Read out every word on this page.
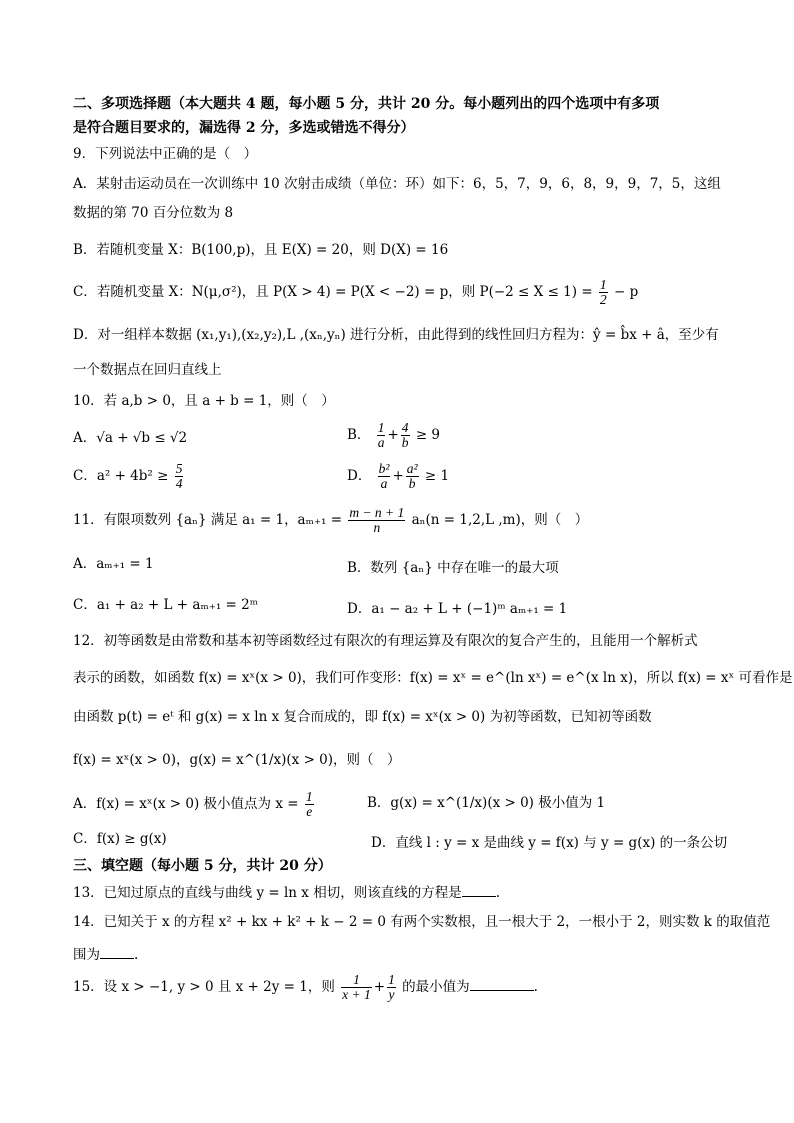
二、多项选择题（本大题共 4 题，每小题 5 分，共计 20 分。每小题列出的四个选项中有多项
是符合题目要求的，漏选得 2 分，多选或错选不得分）
9．下列说法中正确的是（　）
A．某射击运动员在一次训练中 10 次射击成绩（单位：环）如下：6，5，7，9，6，8，9，9，7，5，这组
数据的第 70 百分位数为 8
B．若随机变量 X：B(100,p)，且 E(X) = 20，则 D(X) = 16
C．若随机变量 X：N(μ,σ²)，且 P(X > 4) = P(X < −2) = p，则 $P(-2 \le X \le 1) = \frac{1}{2} - p$
D．对一组样本数据 (x₁,y₁),(x₂,y₂),L ,(xₙ,yₙ) 进行分析，由此得到的线性回归方程为：ŷ = b̂x + â，至少有
一个数据点在回归直线上
10．若 a,b > 0，且 a + b = 1，则（　）
A．√a + √b ≤ √2	B． $\frac{1}{a} + \frac{4}{b} \ge 9$
C．$a^2 + 4b^2 \ge \frac{5}{4}$	D． $\frac{\text{b²}}{a} + \frac{\text{a²}}{b} \ge 1$
11．有限项数列 {aₙ} 满足 a₁ = 1，$a_{m+1} = \frac{m - n + 1}{n} a_n(n = 1,2,L$ ,m)，则（　）
A．aₘ₊₁ = 1	B．数列 {aₙ} 中存在唯一的最大项
C．a₁ + a₂ + L + aₘ₊₁ = 2ᵐ	D．a₁ − a₂ + L + (−1)ᵐ aₘ₊₁ = 1
12．初等函数是由常数和基本初等函数经过有限次的有理运算及有限次的复合产生的，且能用一个解析式
表示的函数，如函数 f(x) = xˣ(x > 0)，我们可作变形：f(x) = xˣ = e^(ln xˣ) = e^(x ln x)，所以 f(x) = xˣ 可看作是
由函数 p(t) = eᵗ 和 g(x) = x ln x 复合而成的，即 f(x) = xˣ(x > 0) 为初等函数，已知初等函数
f(x) = xˣ(x > 0)，g(x) = x^(1/x)(x > 0)，则（　）
A．f(x) = xˣ(x > 0) 极小值点为 $x = \frac{1}{e}$	B．g(x) = x^(1/x)(x > 0) 极小值为 1
C．f(x) ≥ g(x)	D．直线 l : y = x 是曲线 y = f(x) 与 y = g(x) 的一条公切
三、填空题（每小题 5 分，共计 20 分）
13．已知过原点的直线与曲线 y = ln x 相切，则该直线的方程是	.
14．已知关于 x 的方程 x² + kx + k² + k − 2 = 0 有两个实数根，且一根大于 2，一根小于 2，则实数 k 的取值范
围为	.
15．设 x > −1, y > 0 且 x + 2y = 1，则 $\frac{1}{x + 1} + \frac{1}{y}$ 的最小值为	.
